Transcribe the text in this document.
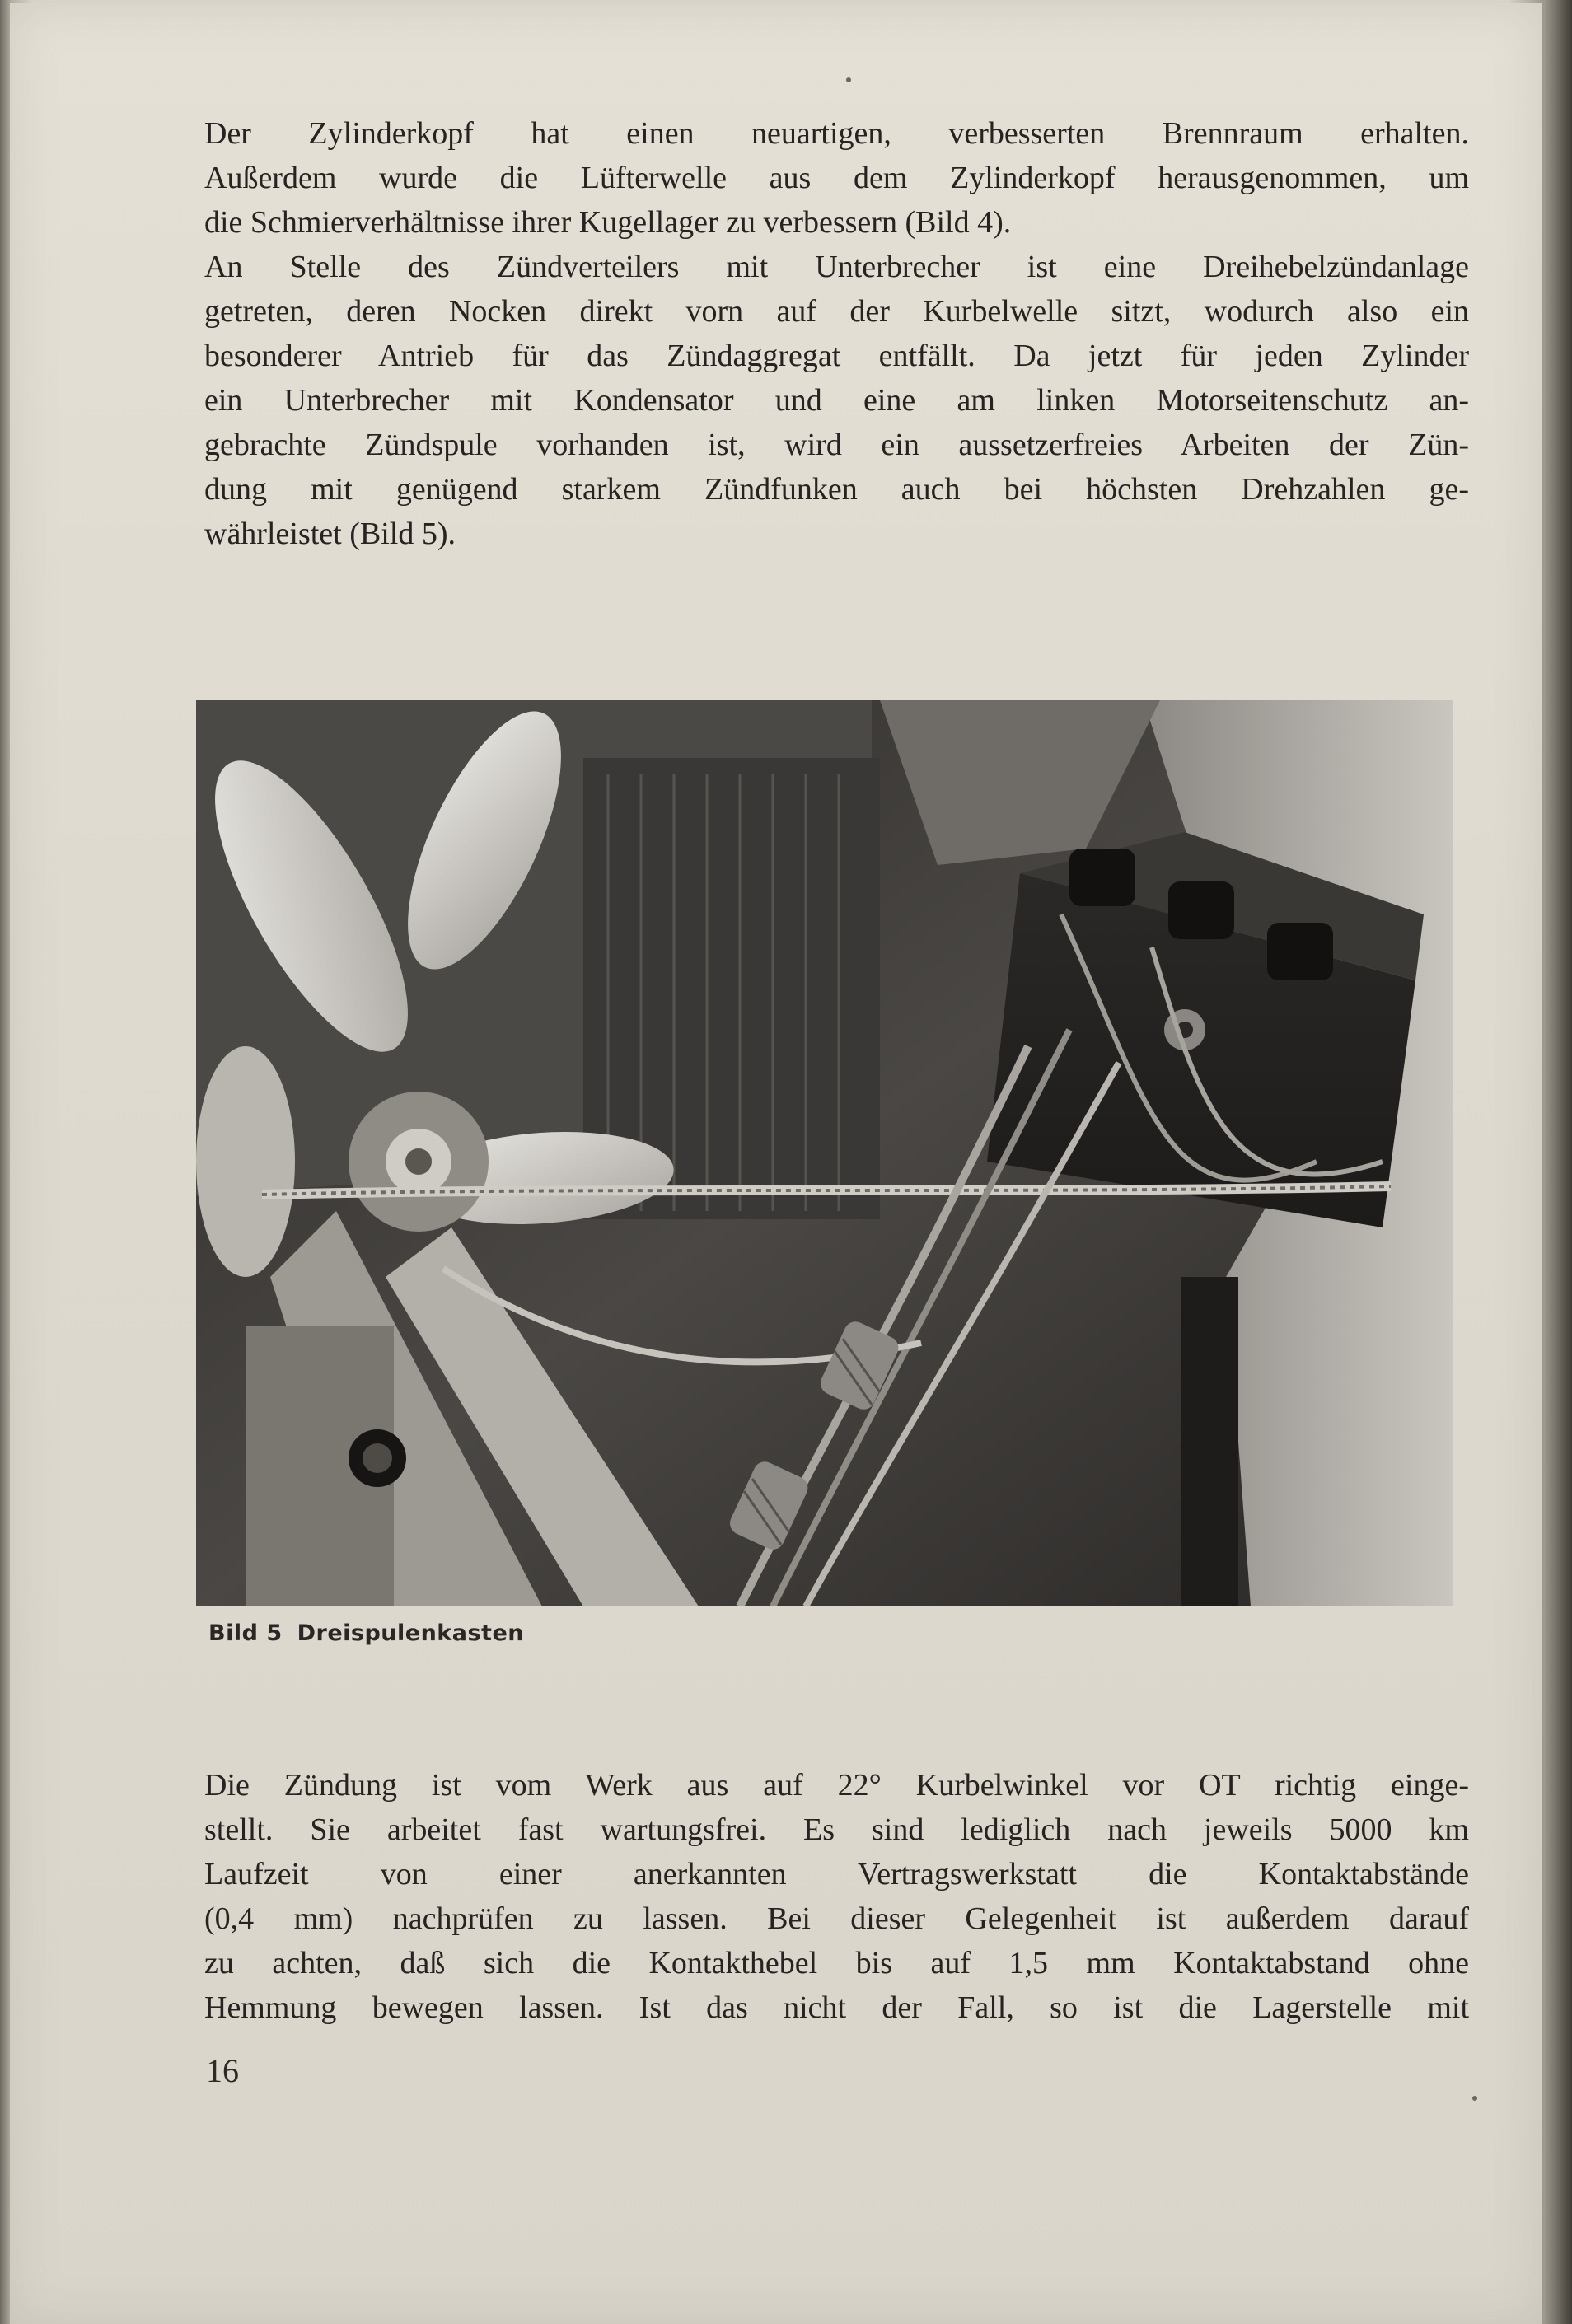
Der Zylinderkopf hat einen neuartigen, verbesserten Brennraum erhalten.
Außerdem wurde die Lüfterwelle aus dem Zylinderkopf herausgenommen, um
die Schmierverhältnisse ihrer Kugellager zu verbessern (Bild 4).
An Stelle des Zündverteilers mit Unterbrecher ist eine Dreihebelzündanlage
getreten, deren Nocken direkt vorn auf der Kurbelwelle sitzt, wodurch also ein
besonderer Antrieb für das Zündaggregat entfällt. Da jetzt für jeden Zylinder
ein Unterbrecher mit Kondensator und eine am linken Motorseitenschutz an-
gebrachte Zündspule vorhanden ist, wird ein aussetzerfreies Arbeiten der Zün-
dung mit genügend starkem Zündfunken auch bei höchsten Drehzahlen ge-
währleistet (Bild 5).
Bild 5 Dreispulenkasten
Die Zündung ist vom Werk aus auf 22° Kurbelwinkel vor OT richtig einge-
stellt. Sie arbeitet fast wartungsfrei. Es sind lediglich nach jeweils 5000 km
Laufzeit von einer anerkannten Vertragswerkstatt die Kontaktabstände
(0,4 mm) nachprüfen zu lassen. Bei dieser Gelegenheit ist außerdem darauf
zu achten, daß sich die Kontakthebel bis auf 1,5 mm Kontaktabstand ohne
Hemmung bewegen lassen. Ist das nicht der Fall, so ist die Lagerstelle mit
16
